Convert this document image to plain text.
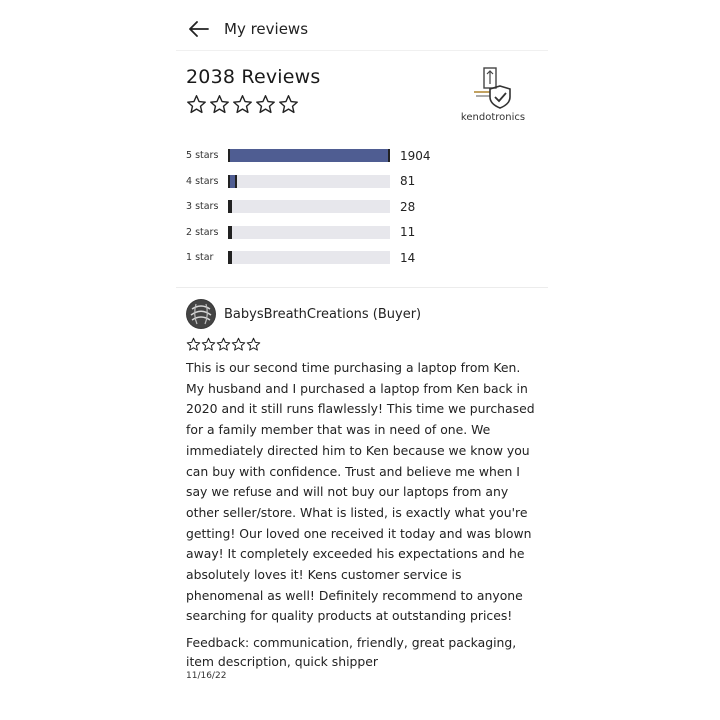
My reviews
2038 Reviews
kendotronics
5 stars	1904
4 stars	81
3 stars	28
2 stars	11
1 star	14
BabysBreathCreations (Buyer)
This is our second time purchasing a laptop from Ken. My husband and I purchased a laptop from Ken back in 2020 and it still runs flawlessly! This time we purchased for a family member that was in need of one. We immediately directed him to Ken because we know you can buy with confidence. Trust and believe me when I say we refuse and will not buy our laptops from any other seller/store. What is listed, is exactly what you're getting! Our loved one received it today and was blown away! It completely exceeded his expectations and he absolutely loves it! Kens customer service is phenomenal as well! Definitely recommend to anyone searching for quality products at outstanding prices!
Feedback: communication, friendly, great packaging, item description, quick shipper
11/16/22
